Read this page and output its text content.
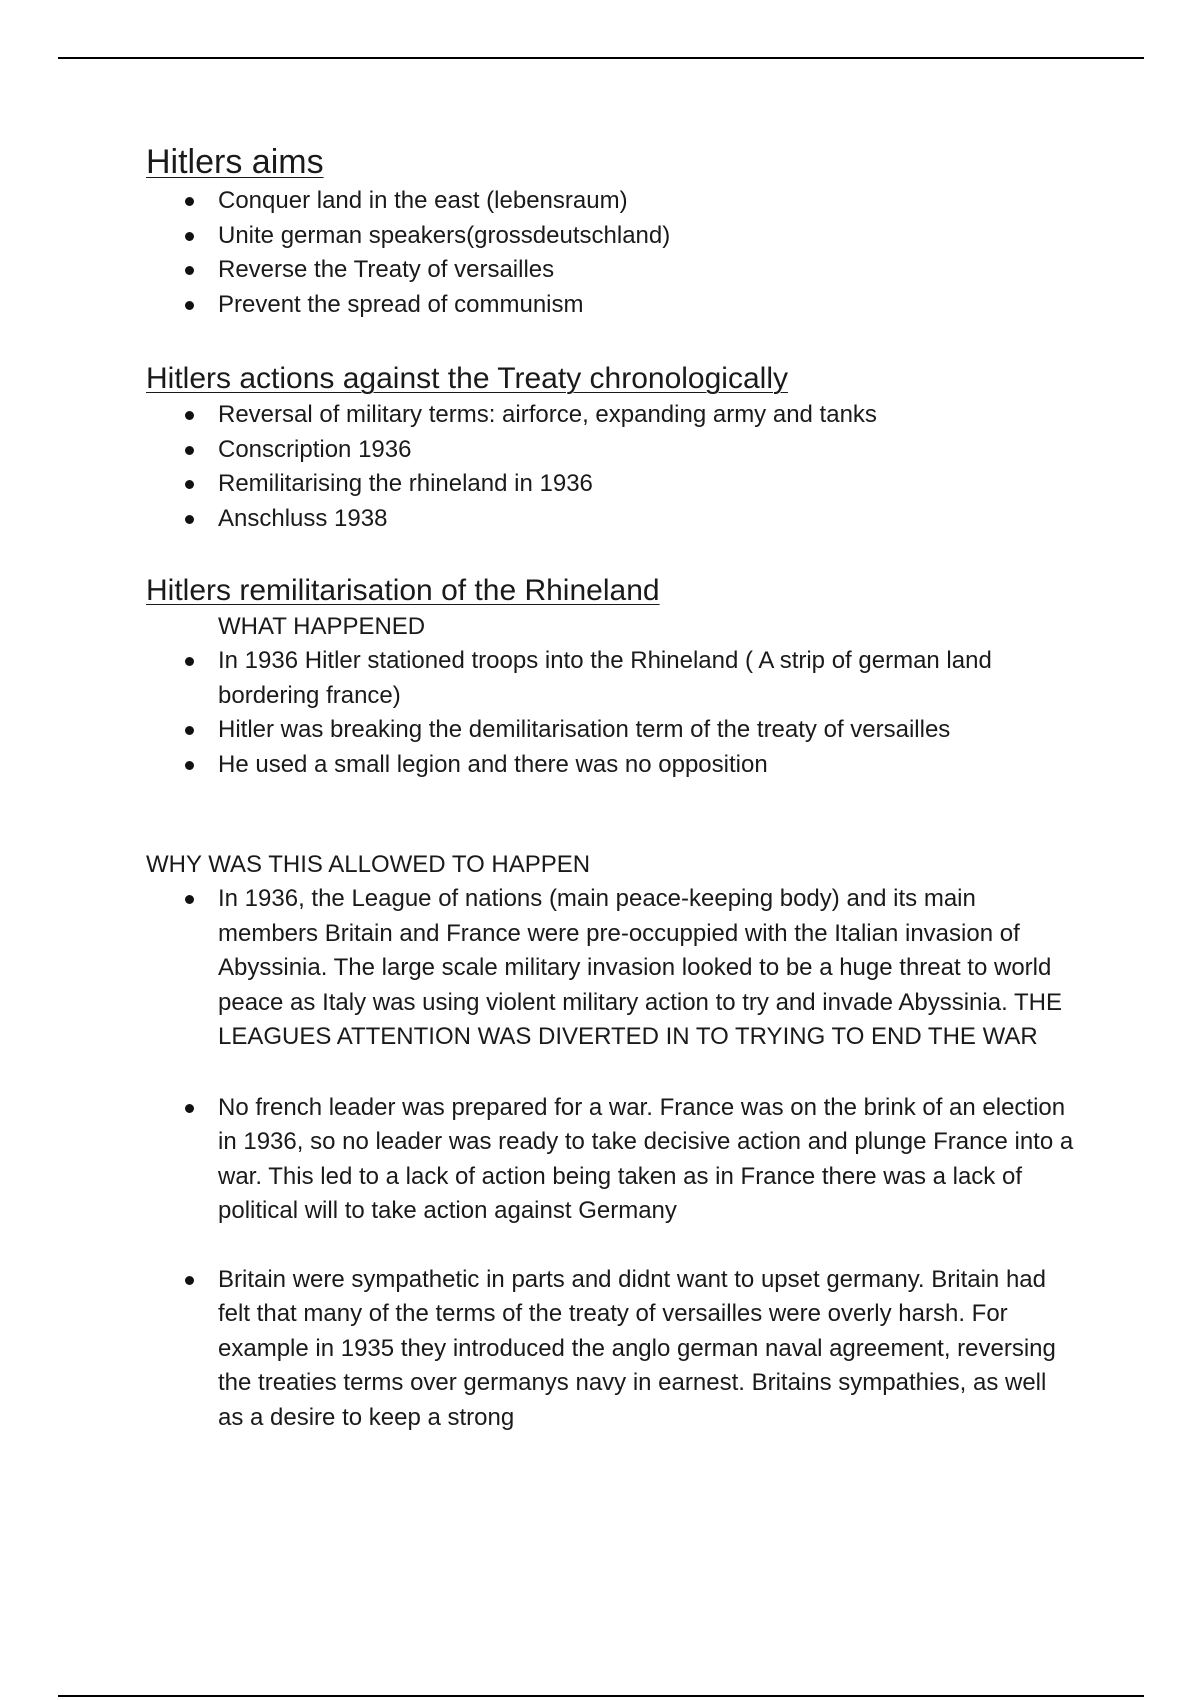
Hitlers aims
Conquer land in the east (lebensraum)
Unite german speakers(grossdeutschland)
Reverse the Treaty of versailles
Prevent the spread of communism
Hitlers actions against the Treaty chronologically
Reversal of military terms: airforce, expanding army and tanks
Conscription 1936
Remilitarising the rhineland in 1936
Anschluss 1938
Hitlers remilitarisation of the Rhineland
WHAT HAPPENED
In 1936 Hitler stationed troops into the Rhineland ( A strip of german land bordering france)
Hitler was breaking the demilitarisation term of the treaty of versailles
He used a small legion and there was no opposition
WHY WAS THIS ALLOWED TO HAPPEN
In 1936, the League of nations (main peace-keeping body) and its main members Britain and France were pre-occuppied with the Italian invasion of Abyssinia. The large scale military invasion looked to be a huge threat to world peace as Italy was using violent military action to try and invade Abyssinia. THE LEAGUES ATTENTION WAS DIVERTED IN TO TRYING TO END THE WAR
No french leader was prepared for a war. France was on the brink of an election in 1936, so no leader was ready to take decisive action and plunge France into a war. This led to a lack of action being taken as in France there was a lack of political will to take action against Germany
Britain were sympathetic in parts and didnt want to upset germany. Britain had felt that many of the terms of the treaty of versailles were overly harsh. For example in 1935 they introduced the anglo german naval agreement, reversing the treaties terms over germanys navy in earnest. Britains sympathies, as well as a desire to keep a strong
